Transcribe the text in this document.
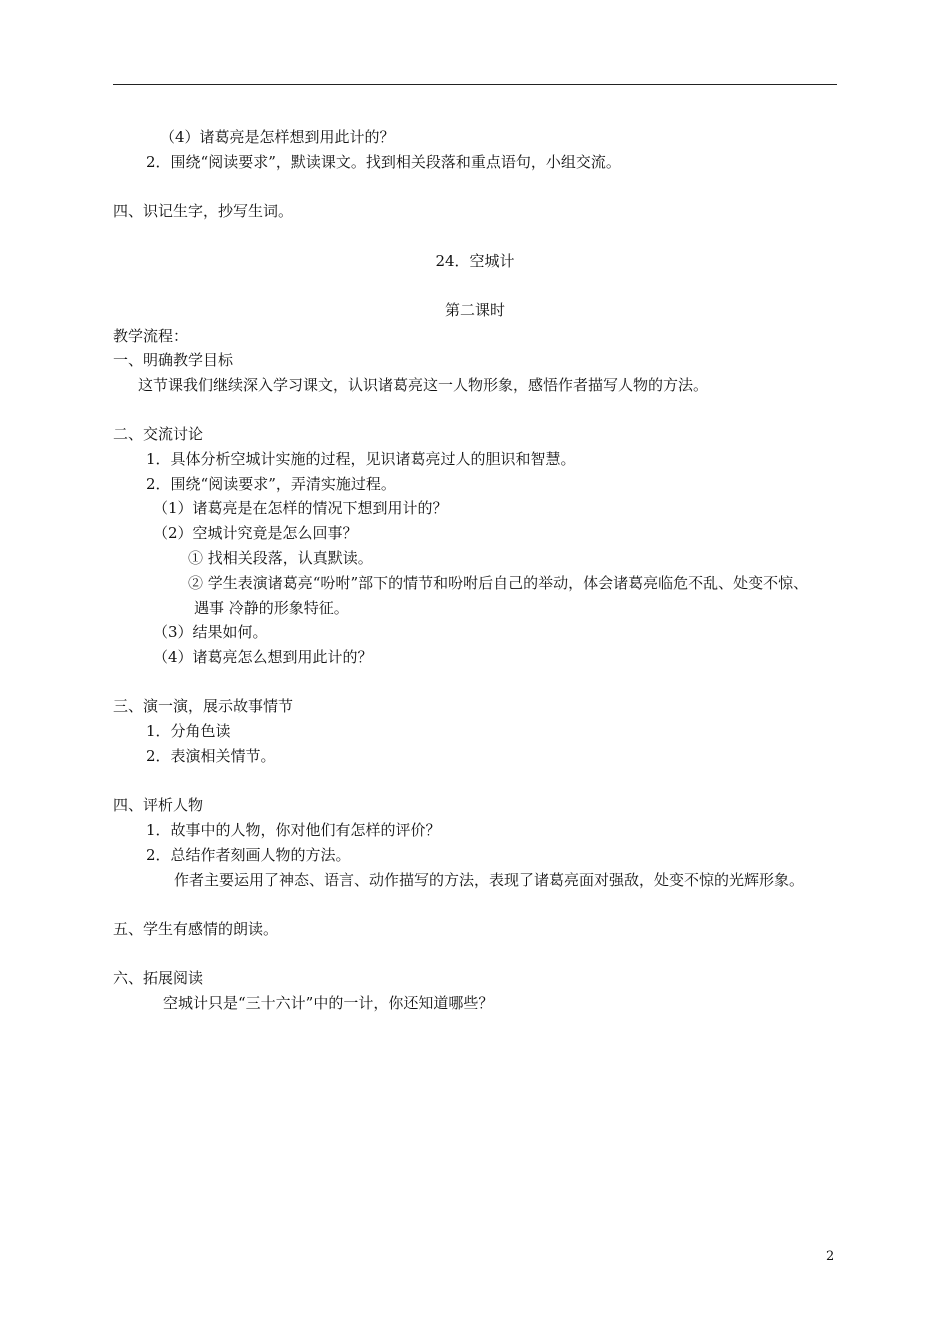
（4）诸葛亮是怎样想到用此计的？
2．围绕“阅读要求”，默读课文。找到相关段落和重点语句，小组交流。
四、识记生字，抄写生词。
24．空城计
第二课时
教学流程：
一、明确教学目标
这节课我们继续深入学习课文，认识诸葛亮这一人物形象，感悟作者描写人物的方法。
二、交流讨论
1．具体分析空城计实施的过程，见识诸葛亮过人的胆识和智慧。
2．围绕“阅读要求”，弄清实施过程。
（1）诸葛亮是在怎样的情况下想到用计的？
（2）空城计究竟是怎么回事？
① 找相关段落，认真默读。
② 学生表演诸葛亮“吩咐”部下的情节和吩咐后自己的举动，体会诸葛亮临危不乱、处变不惊、
遇事 冷静的形象特征。
（3）结果如何。
（4）诸葛亮怎么想到用此计的？
三、演一演，展示故事情节
1．分角色读
2．表演相关情节。
四、评析人物
1．故事中的人物，你对他们有怎样的评价？
2．总结作者刻画人物的方法。
作者主要运用了神态、语言、动作描写的方法，表现了诸葛亮面对强敌，处变不惊的光辉形象。
五、学生有感情的朗读。
六、拓展阅读
空城计只是“三十六计”中的一计，你还知道哪些？
2
